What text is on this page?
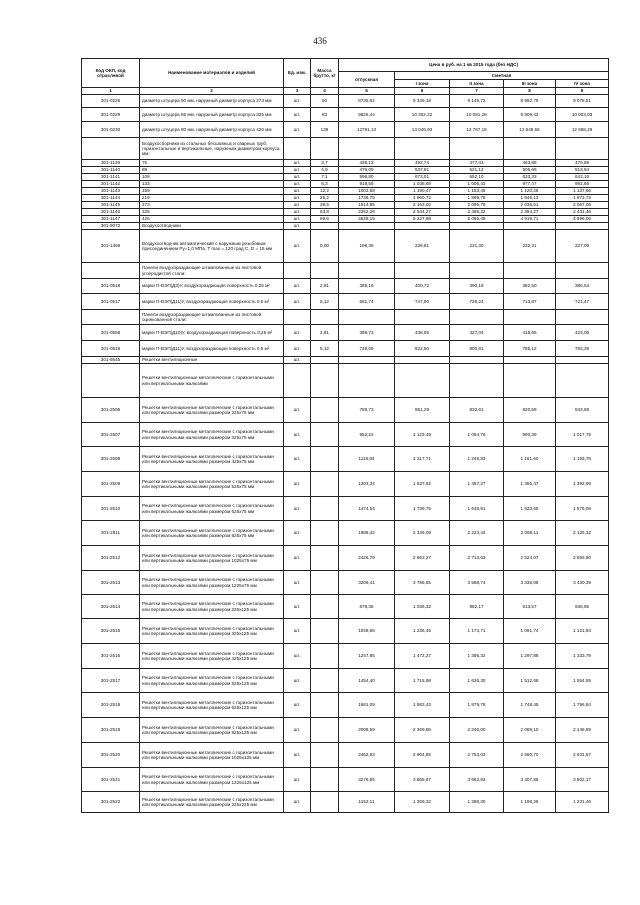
436
Код ОКП, код отраслевой	Наименование материалов и изделий	Ед. изм.	Масса брутто, кг	Цена в руб. на 1 кв 2015 года (без НДС)				
				отпускная	Сметная			
					I зона	II зона	III зона	IV зона
1	2	3	4	5	6	7	8	9
301-0226	диаметр штуцера 50 мм, наружный диаметр корпуса 273 мм	шт.	50	8735,82	9 349,18	9 149,72	8 992,79	9 078,51
301-0229	диаметр штуцера 65 мм, наружный диаметр корпуса 325 мм	шт.	83	9626,44	10 302,22	10 081,28	9 909,42	10 003,03
301-0230	диаметр штуцера 80 мм, наружный диаметр корпуса 426 мм	шт.	139	12791,13	13 046,93	12 767,18	12 549,56	12 668,29
	Воздухосборники из стальных бесшовных и сварных труб, горизонтальные и вертикальные, наружным диаметром корпуса, мм:							
301-1139	76	шт.	3,7	436,13	492,74	477,43	463,88	470,88
301-1140	89	шт.	4,9	476,09	537,81	521,12	506,69	513,84
301-1141	108	шт.	7,1	596,80	673,01	652,10	633,33	643,16
301-1142	133	шт.	8,3	919,56	1 038,69	1 006,43	977,47	992,66
301-1143	159	шт.	12,2	1003,68	1 190,47	1 153,45	1 120,28	1 137,66
301-1144	219	шт.	25,2	1736,75	1 960,72	1 899,78	1 845,13	1 873,73
301-1145	273	шт.	39,5	1914,85	2 163,02	2 095,79	2 035,51	2 067,06
301-1146	325	шт.	63,8	2252,26	2 544,27	2 465,22	2 394,27	2 431,46
301-1147	426	шт.	89,6	4628,15	5 227,98	5 065,49	4 919,71	4 996,06
301-9072	Воздухоотводчики	шт.						
301-1469	Воздухоотводчик автоматический с наружным резьбовым присоединением Ру=1,0 МПа, Т max = 120 град С, D = 15 мм	шт.	0,00	198,35	236,81	231,30	232,31	227,09
	Панели воздухораздающие штампованные из листовой углеродистой стали:							
301-0518	марки П-ВЭП(ДЗ)У, воздухораздающая поверхность 0,25 м²	шт.	2,81	385,16	400,72	390,18	382,50	386,54
301-0517	марки П-ВЭП(Д11)У, воздухораздающая поверхность 0,5 м²	шт.	5,12	681,74	747,90	728,24	713,87	721,47
	Панели воздухораздающие штампованные из листовой оцинкованной стали:							
301-0558	марки П-ВЭП(Д10)У, воздухораздающая поверхность 0,25 м²	шт.	2,81	399,73	438,55	427,04	418,65	423,06
301-0519	марки П-ВЭП(Д11)У, воздухораздающая поверхность 0,5 м²	шт.	5,12	749,69	822,50	800,81	785,12	793,39
301-9545	Решетки вентиляционные	шт.						
	Решетки вентиляционные металлические с горизонтальными или вертикальными жалюзями							
301-2506	Решетки вентиляционные металлические с горизонтальными или вертикальными жалюзями размером 225х75 мм	шт.		789,73	851,29	832,61	820,59	843,68
301-2507	Решетки вентиляционные металлические с горизонтальными или вертикальными жалюзями размером 325х75 мм	шт.		952,22	1 123,49	1 064,76	990,39	1 017,79
301-2508	Решетки вентиляционные металлические с горизонтальными или вертикальными жалюзями размером 425х75 мм	шт.		1118,84	1 317,71	1 248,83	1 161,60	1 193,78
301-2509	Решетки вентиляционные металлические с горизонтальными или вертикальными жалюзями размером 525х75 мм	шт.		1303,34	1 537,62	1 457,27	1 355,47	1 392,99
301-2510	Решетки вентиляционные металлические с горизонтальными или вертикальными жалюзями размером 625х75 мм	шт.		1474,54	1 739,75	1 648,81	1 533,65	1 576,08
301-2511	Решетки вентиляционные металлические с горизонтальными или вертикальными жалюзями размером 825х75 мм	шт.		1988,42	2 346,09	2 223,43	2 068,11	2 125,32
301-2512	Решетки вентиляционные металлические с горизонтальными или вертикальными жалюзями размером 1025х75 мм	шт.		2426,79	2 863,27	2 713,63	2 524,07	2 593,90
301-2513	Решетки вентиляционные металлические с горизонтальными или вертикальными жалюзями размером 1225х75 мм	шт.		3209,41	3 786,65	3 588,74	3 338,08	3 430,39
301-2514	Решетки вентиляционные металлические с горизонтальными или вертикальными жалюзями размером 225х125 мм	шт.		878,38	1 036,32	982,17	913,57	938,85
301-2515	Решетки вентиляционные металлические с горизонтальными или вертикальными жалюзями размером 325х125 мм	шт.		1048,66	1 236,45	1 173,71	1 091,74	1 121,94
301-2516	Решетки вентиляционные металлические с горизонтальными или вертикальными жалюзями размером 425х125 мм	шт.		1247,85	1 472,27	1 395,32	1 297,88	1 333,79
301-2517	Решетки вентиляционные металлические с горизонтальными или вертикальными жалюзями размером 525х125 мм	шт.		1454,40	1 715,98	1 626,30	1 512,68	1 554,55
301-2518	Решетки вентиляционные металлические с горизонтальными или вертикальными жалюзями размером 625х125 мм	шт.		1681,09	1 983,43	1 879,78	1 748,45	1 796,84
301-2519	Решетки вентиляционные металлические с горизонтальными или вертикальными жалюзями размером 825х125 мм	шт.		2008,59	2 369,86	2 246,00	2 089,10	2 146,89
301-2520	Решетки вентиляционные металлические с горизонтальными или вертикальными жалюзями размером 1025х125 мм	шт.		2462,63	2 904,85	2 753,03	2 560,70	2 631,57
301-2521	Решетки вентиляционные металлические с горизонтальными или вертикальными жалюзями размером 1225х125 мм	шт.		3276,55	3 865,87	3 663,83	3 407,86	3 502,17
301-2522	Решетки вентиляционные металлические с горизонтальными или вертикальными жалюзями размером 225х225 мм	шт.		1152,11	1 359,32	1 288,30	1 198,29	1 231,46
